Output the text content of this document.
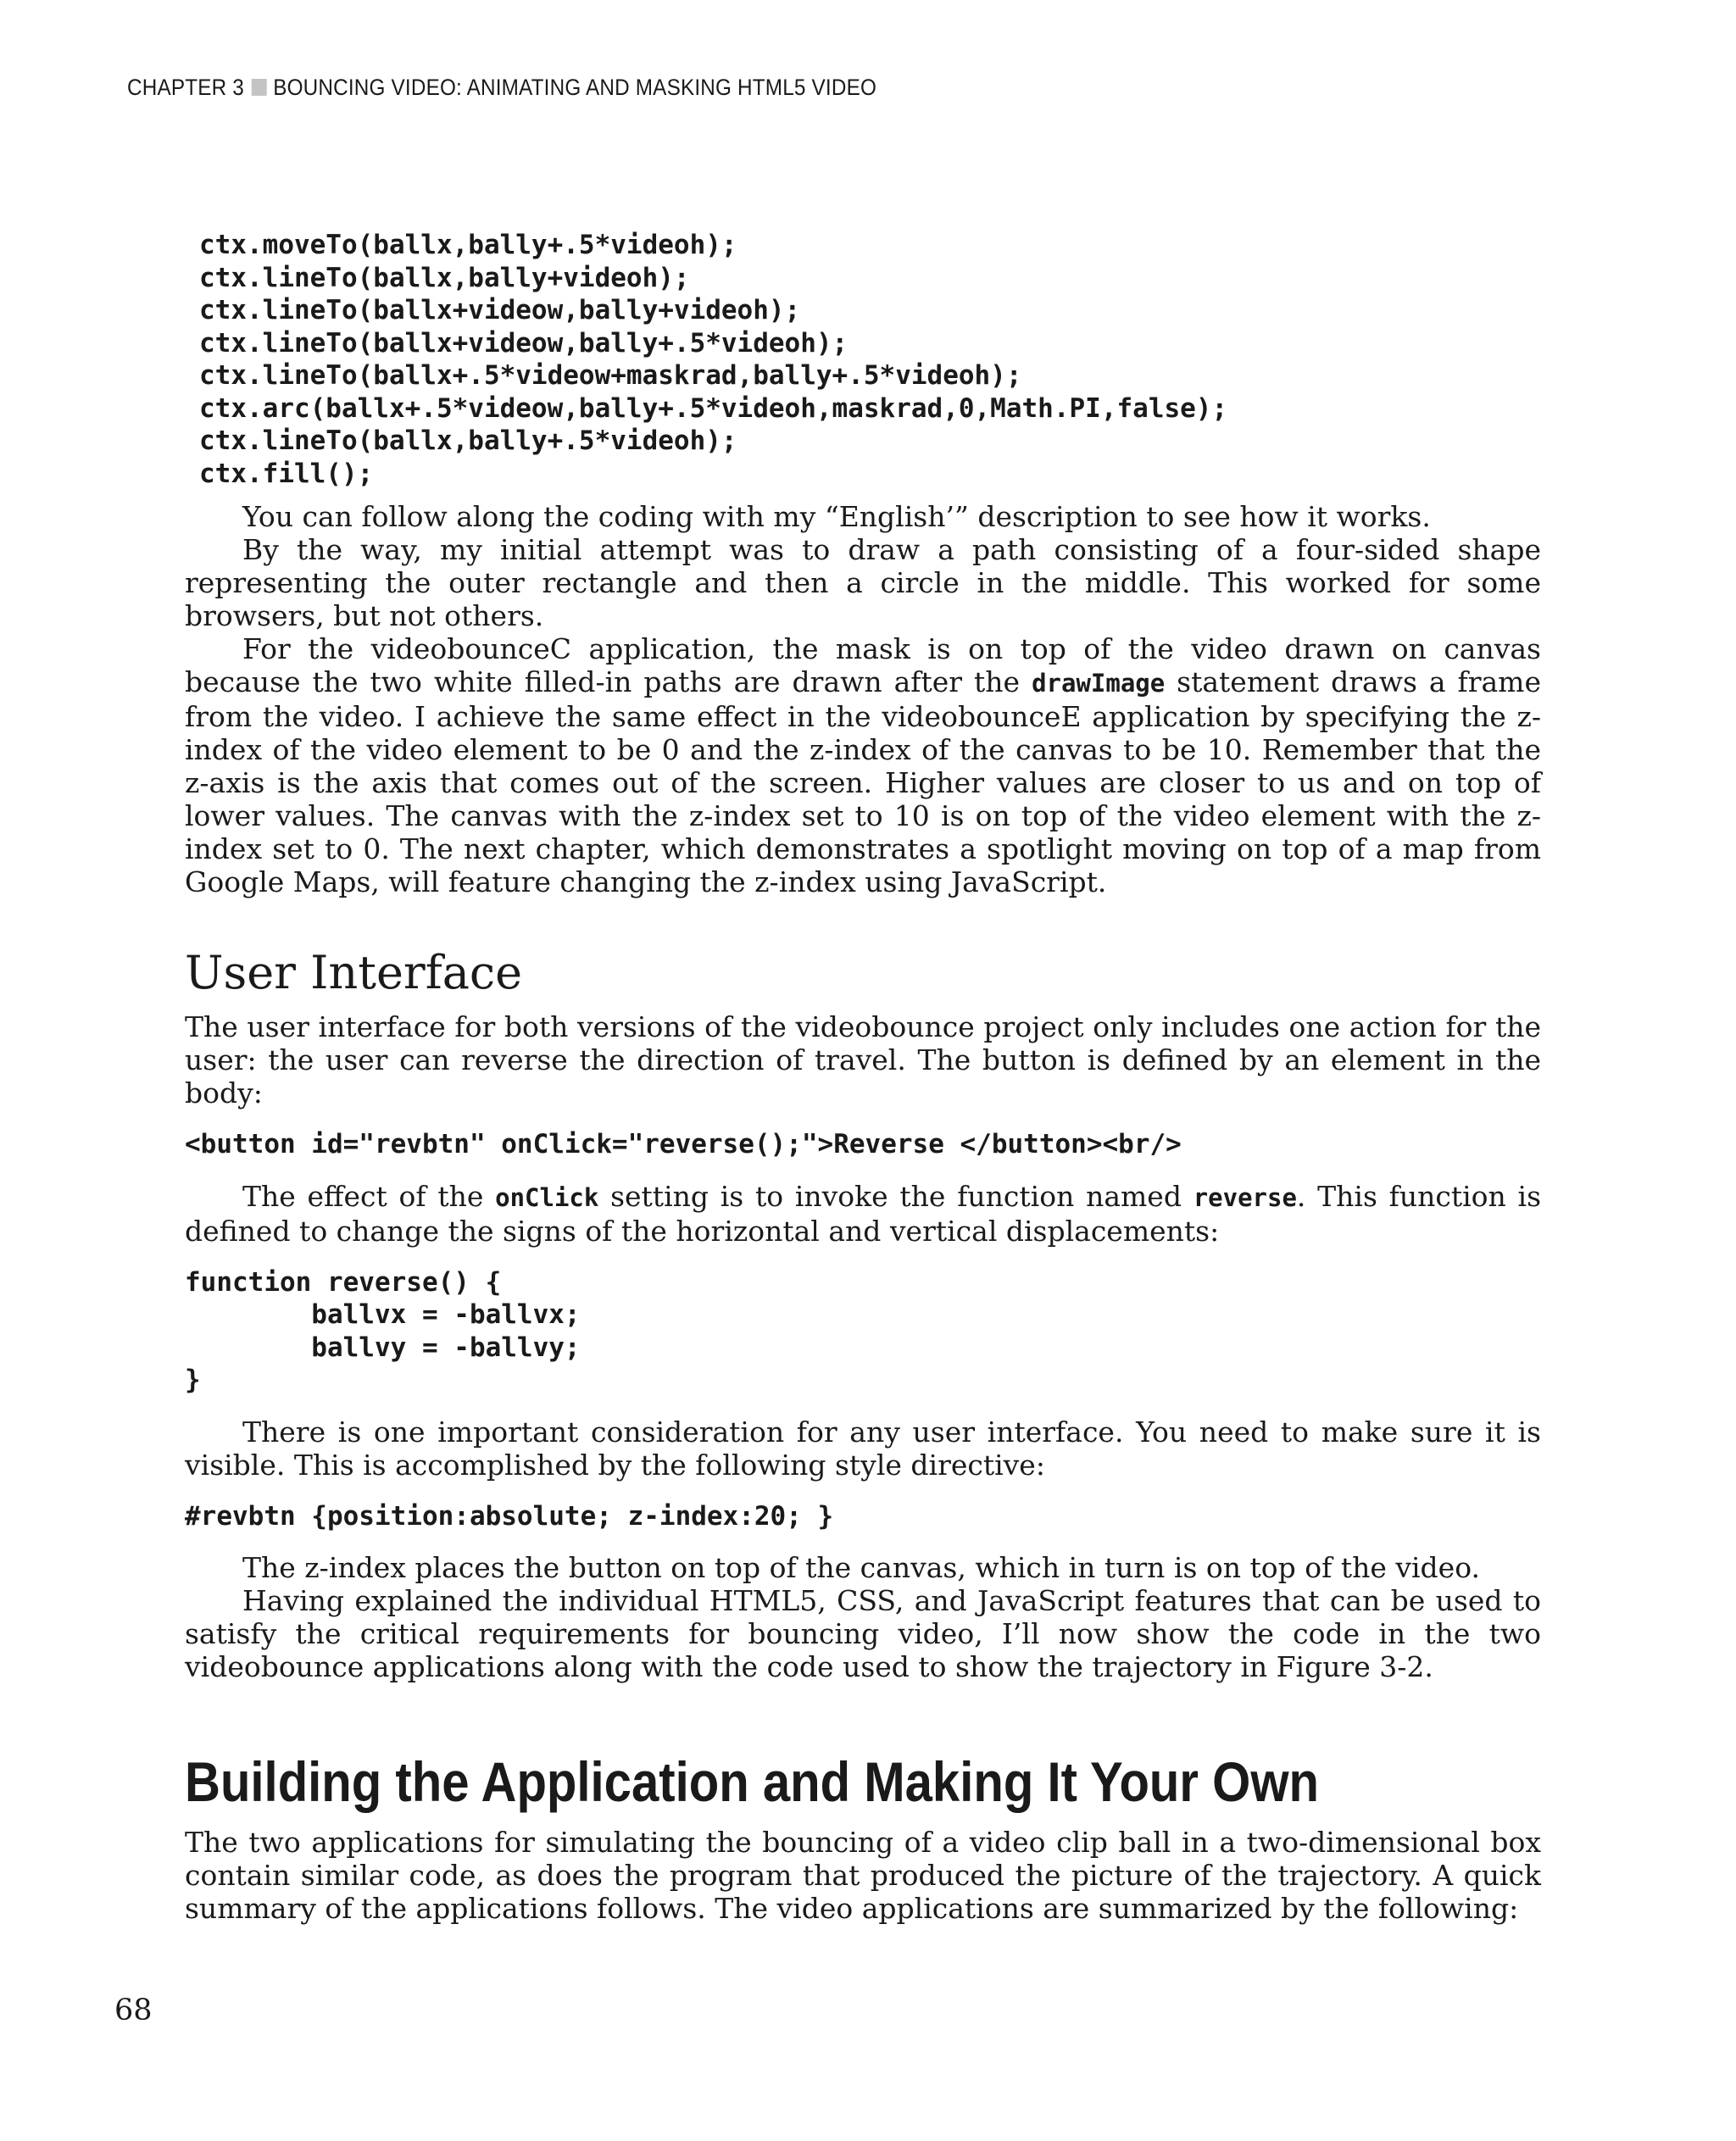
CHAPTER 3 BOUNCING VIDEO: ANIMATING AND MASKING HTML5 VIDEO
ctx.moveTo(ballx,bally+.5*videoh);
ctx.lineTo(ballx,bally+videoh);
ctx.lineTo(ballx+videow,bally+videoh);
ctx.lineTo(ballx+videow,bally+.5*videoh);
ctx.lineTo(ballx+.5*videow+maskrad,bally+.5*videoh);
ctx.arc(ballx+.5*videow,bally+.5*videoh,maskrad,0,Math.PI,false);
ctx.lineTo(ballx,bally+.5*videoh);
ctx.fill();

You can follow along the coding with my “English’” description to see how it works.

By the way, my initial attempt was to draw a path consisting of a four-sided shape representing the outer rectangle and then a circle in the middle. This worked for some browsers, but not others.

For the videobounceC application, the mask is on top of the video drawn on canvas because the two white filled-in paths are drawn after the drawImage statement draws a frame from the video. I achieve the same effect in the videobounceE application by specifying the z-index of the video element to be 0 and the z-index of the canvas to be 10. Remember that the z-axis is the axis that comes out of the screen. Higher values are closer to us and on top of lower values. The canvas with the z-index set to 10 is on top of the video element with the z-index set to 0. The next chapter, which demonstrates a spotlight moving on top of a map from Google Maps, will feature changing the z-index using JavaScript.

User Interface

The user interface for both versions of the videobounce project only includes one action for the user: the user can reverse the direction of travel. The button is defined by an element in the body:

<button id="revbtn" onClick="reverse();">Reverse </button><br/>

The effect of the onClick setting is to invoke the function named reverse. This function is defined to change the signs of the horizontal and vertical displacements:

function reverse() {
ballvx = -ballvx;
ballvy = -ballvy;
}

There is one important consideration for any user interface. You need to make sure it is visible. This is accomplished by the following style directive:

#revbtn {position:absolute; z-index:20; }

The z-index places the button on top of the canvas, which in turn is on top of the video.

Having explained the individual HTML5, CSS, and JavaScript features that can be used to satisfy the critical requirements for bouncing video, I’ll now show the code in the two videobounce applications along with the code used to show the trajectory in Figure 3-2.

Building the Application and Making It Your Own

The two applications for simulating the bouncing of a video clip ball in a two-dimensional box contain similar code, as does the program that produced the picture of the trajectory. A quick summary of the applications follows. The video applications are summarized by the following:

68
